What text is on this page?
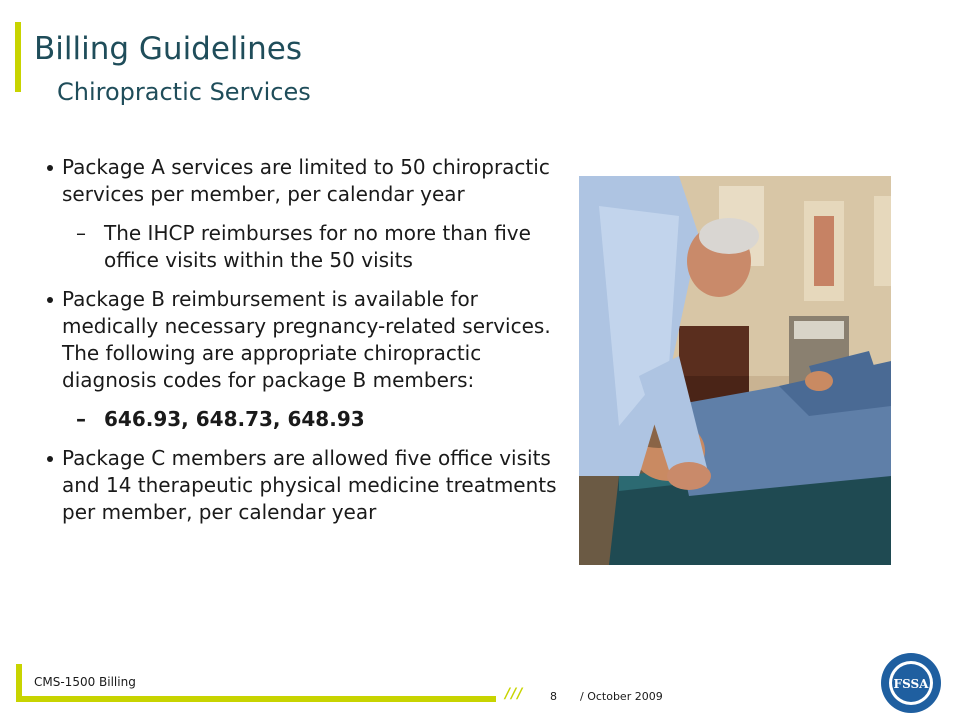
Billing Guidelines
Chiropractic Services
Package A services are limited to 50 chiropractic services per member, per calendar year
– The IHCP reimburses for no more than five office visits within the 50 visits
Package B reimbursement is available for medically necessary pregnancy-related services. The following are appropriate chiropractic diagnosis codes for package B members:
– 646.93, 648.73, 648.93
Package C members are allowed five office visits and 14 therapeutic physical medicine treatments per member, per calendar year
CMS-1500 Billing
/// 8 / October 2009
FSSA
